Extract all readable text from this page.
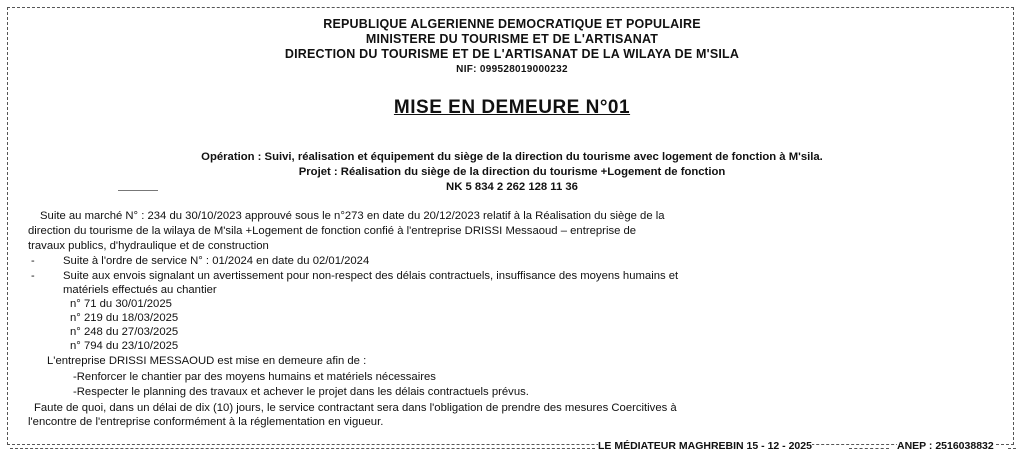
REPUBLIQUE ALGERIENNE DEMOCRATIQUE ET POPULAIRE
MINISTERE DU TOURISME ET DE L'ARTISANAT
DIRECTION DU TOURISME ET DE L'ARTISANAT DE LA WILAYA DE M'SILA
NIF: 099528019000232
MISE EN DEMEURE N°01
Opération : Suivi, réalisation et équipement du siège de la direction du tourisme avec logement de fonction à M'sila.
Projet : Réalisation du siège de la direction du tourisme +Logement de fonction
NK 5 834 2 262 128 11 36
Suite au marché N° : 234 du 30/10/2023 approuvé sous le n°273 en date du 20/12/2023 relatif à la Réalisation du siège de la
direction du tourisme de la wilaya de M'sila +Logement de fonction confié à l'entreprise DRISSI Messaoud – entreprise de
travaux publics, d'hydraulique et de construction
-	Suite à l'ordre de service N° : 01/2024 en date du 02/01/2024
-	Suite aux envois signalant un avertissement pour non-respect des délais contractuels, insuffisance des moyens humains et
matériels effectués au chantier
n° 71 du 30/01/2025
n° 219 du 18/03/2025
n° 248 du 27/03/2025
n° 794 du 23/10/2025
L'entreprise DRISSI MESSAOUD est mise en demeure afin de :
-Renforcer le chantier par des moyens humains et matériels nécessaires
-Respecter le planning des travaux et achever le projet dans les délais contractuels prévus.
Faute de quoi, dans un délai de dix (10) jours, le service contractant sera dans l'obligation de prendre des mesures Coercitives à
l'encontre de l'entreprise conformément à la réglementation en vigueur.
LE MÉDIATEUR MAGHREBIN 15 - 12 - 2025	ANEP : 2516038832
